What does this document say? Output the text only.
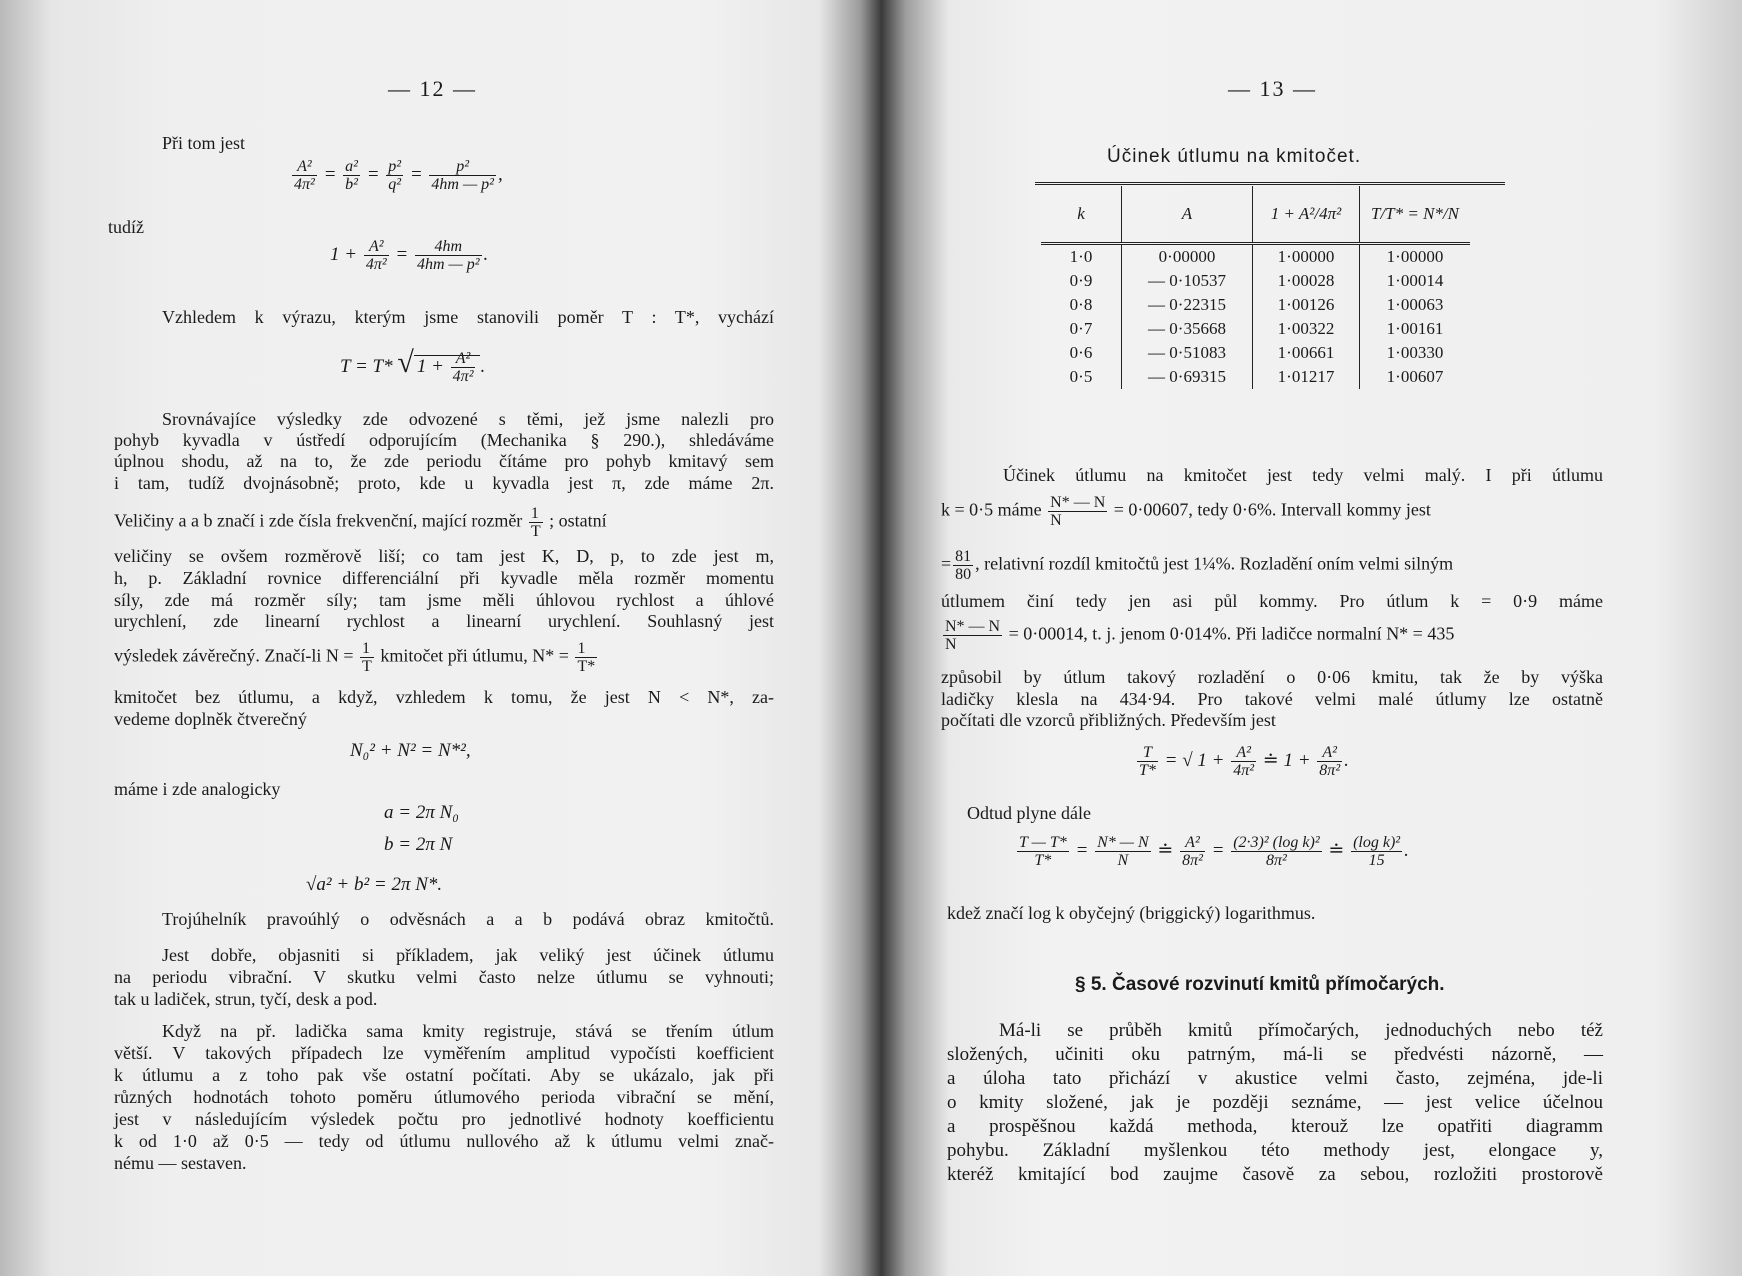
— 12 —
Při tom jest
$\frac{\text{A²}}{\text{4π²}} = \frac{\text{a²}}{\text{b²}} = \frac{\text{p²}}{\text{q²}} = \frac{\text{p²}}{\text{4hm — p²}}$ ,
tudíž
$1 + \frac{\text{A²}}{\text{4π²}} = \frac{4hm}{\text{4hm — p²}}$ .
Vzhledem k výrazu, kterým jsme stanovili poměr T : T*, vychází
T = T* √ $1 + \frac{\text{A²}}{\text{4π²}}$ .
Srovnávajíce výsledky zde odvozené s těmi, jež jsme nalezli pro
pohyb kyvadla v ústředí odporujícím (Mechanika § 290.), shledáváme
úplnou shodu, až na to, že zde periodu čítáme pro pohyb kmitavý sem
i tam, tudíž dvojnásobně; proto, kde u kyvadla jest π, zde máme 2π.
Veličiny a a b značí i zde čísla frekvenční, mající rozměr $\frac{1}{T}$ ; ostatní
veličiny se ovšem rozměrově liší; co tam jest K, D, p, to zde jest m,
h, p. Základní rovnice differenciální při kyvadle měla rozměr momentu
síly, zde má rozměr síly; tam jsme měli úhlovou rychlost a úhlové
urychlení, zde linearní rychlost a linearní urychlení. Souhlasný jest
výsledek závěrečný. Značí-li $N = \frac{1}{T}$ kmitočet při útlumu, $N* = \frac{1}{T*}$
kmitočet bez útlumu, a když, vzhledem k tomu, že jest N < N*, za-
vedeme doplněk čtverečný
N₀² + N² = N*²,
máme i zde analogicky
a = 2π N₀
b = 2π N
√a² + b² = 2π N*.
Trojúhelník pravoúhlý o odvěsnách a a b podává obraz kmitočtů.
Jest dobře, objasniti si příkladem, jak veliký jest účinek útlumu
na periodu vibrační. V skutku velmi často nelze útlumu se vyhnouti;
tak u ladiček, strun, tyčí, desk a pod.
Když na př. ladička sama kmity registruje, stává se třením útlum
větší. V takových případech lze vyměřením amplitud vypočísti koefficient
k útlumu a z toho pak vše ostatní počítati. Aby se ukázalo, jak při
různých hodnotách tohoto poměru útlumového perioda vibrační se mění,
jest v následujícím výsledek počtu pro jednotlivé hodnoty koefficientu
k od 1·0 až 0·5 — tedy od útlumu nullového až k útlumu velmi znač-
nému — sestaven.
— 13 —
Účinek útlumu na kmitočet.
k	A	1 + A²/4π²	T/T* = N*/N
1·0	0·00000	1·00000	1·00000
0·9	— 0·10537	1·00028	1·00014
0·8	— 0·22315	1·00126	1·00063
0·7	— 0·35668	1·00322	1·00161
0·6	— 0·51083	1·00661	1·00330
0·5	— 0·69315	1·01217	1·00607
Účinek útlumu na kmitočet jest tedy velmi malý. I při útlumu
k = 0·5 máme $\frac{N* — N}{N} = 0\cdot 00607$, tedy 0·6%. Intervall kommy jest
= $\frac{81}{80}$ , relativní rozdíl kmitočtů jest 1¼%. Rozladění oním velmi silným
útlumem činí tedy jen asi půl kommy. Pro útlum k = 0·9 máme
$\frac{N* — N}{N} = 0\cdot 00014$, t. j. jenom 0·014%. Při ladičce normalní N* = 435
způsobil by útlum takový rozladění o 0·06 kmitu, tak že by výška
ladičky klesla na 434·94. Pro takové velmi malé útlumy lze ostatně
počítati dle vzorců přibližných. Především jest
$\frac{T}{T*}$ = √ $1 + \frac{\text{A²}}{\text{4π²}}$ ≐ $1 + \frac{\text{A²}}{\text{8π²}}$ .
Odtud plyne dále
$\frac{T — T*}{T*} = \frac{N* — N}{N}$ ≐ $\frac{\text{A²}}{\text{8π²}} = \frac{\text{(2·3)² (log k)²}}{\text{8π²}}$ ≐ $\frac{\text{(log k)²}}{15}$ .
kdež značí log k obyčejný (briggický) logarithmus.
§ 5. Časové rozvinutí kmitů přímočarých.
Má-li se průběh kmitů přímočarých, jednoduchých nebo též
složených, učiniti oku patrným, má-li se předvésti názorně, —
a úloha tato přichází v akustice velmi často, zejména, jde-li
o kmity složené, jak je později seznáme, — jest velice účelnou
a prospěšnou každá methoda, kterouž lze opatřiti diagramm
pohybu. Základní myšlenkou této methody jest, elongace y,
kteréž kmitající bod zaujme časově za sebou, rozložiti prostorově
